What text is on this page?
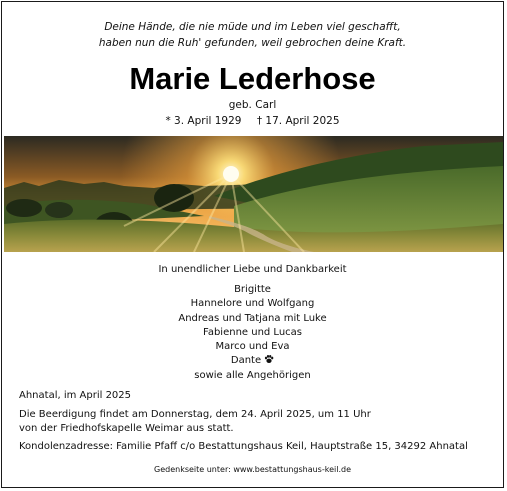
Deine Hände, die nie müde und im Leben viel geschafft,
haben nun die Ruh' gefunden, weil gebrochen deine Kraft.
Marie Lederhose
geb. Carl
* 3. April 1929 † 17. April 2025
In unendlicher Liebe und Dankbarkeit
Brigitte
Hannelore und Wolfgang
Andreas und Tatjana mit Luke
Fabienne und Lucas
Marco und Eva
Dante
sowie alle Angehörigen
Ahnatal, im April 2025
Die Beerdigung findet am Donnerstag, dem 24. April 2025, um 11 Uhr
von der Friedhofskapelle Weimar aus statt.
Kondolenzadresse: Familie Pfaff c/o Bestattungshaus Keil, Hauptstraße 15, 34292 Ahnatal
Gedenkseite unter: www.bestattungshaus-keil.de
